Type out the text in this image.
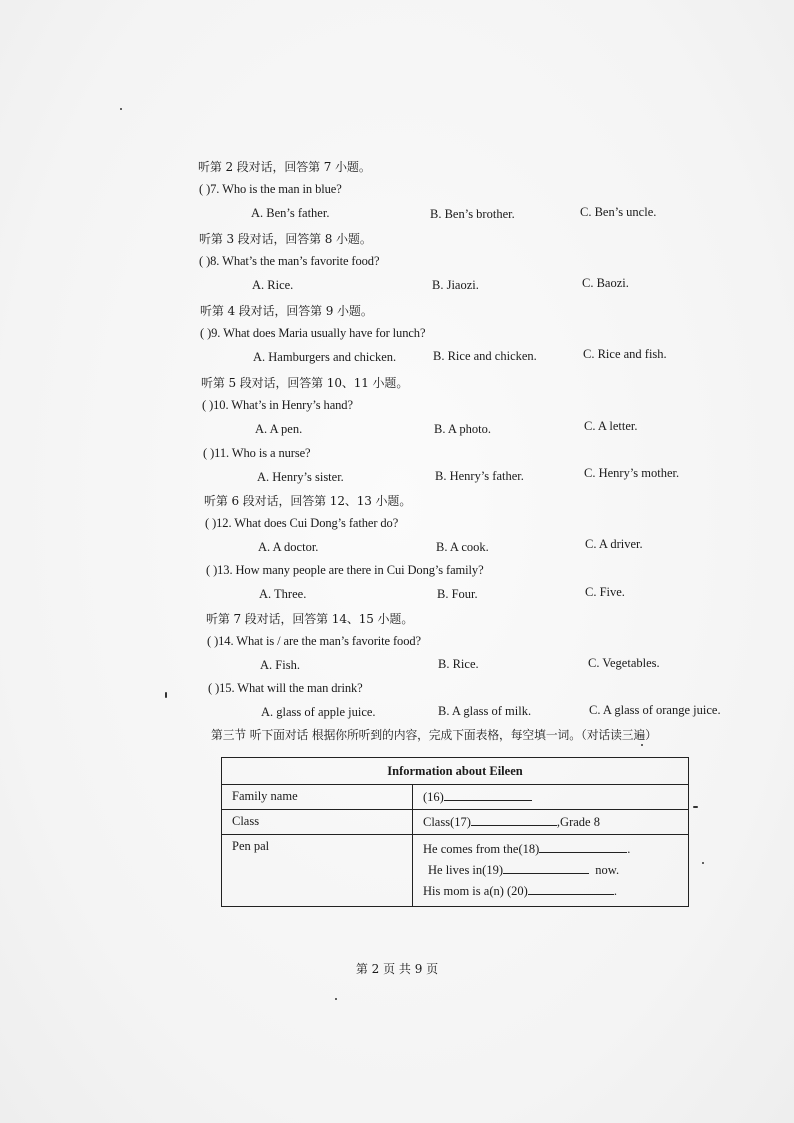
听第 2 段对话，回答第 7 小题。
( )7. Who is the man in blue?
A. Ben’s father.	B. Ben’s brother.	C. Ben’s uncle.
听第 3 段对话，回答第 8 小题。
( )8. What’s the man’s favorite food?
A. Rice.	B. Jiaozi.	C. Baozi.
听第 4 段对话，回答第 9 小题。
( )9. What does Maria usually have for lunch?
A. Hamburgers and chicken.	B. Rice and chicken.	C. Rice and fish.
听第 5 段对话，回答第 10、11 小题。
( )10. What’s in Henry’s hand?
A. A pen.	B. A photo.	C. A letter.
( )11. Who is a nurse?
A. Henry’s sister.	B. Henry’s father.	C. Henry’s mother.
听第 6 段对话，回答第 12、13 小题。
( )12. What does Cui Dong’s father do?
A. A doctor.	B. A cook.	C. A driver.
( )13. How many people are there in Cui Dong’s family?
A. Three.	B. Four.	C. Five.
听第 7 段对话，回答第 14、15 小题。
( )14. What is / are the man’s favorite food?
A. Fish.	B. Rice.	C. Vegetables.
( )15. What will the man drink?
A. glass of apple juice.	B. A glass of milk.	C. A glass of orange juice.
第三节 听下面对话 根据你所听到的内容，完成下面表格，每空填一词。（对话读三遍）
Information about Eileen	
Family name	(16)
Class	Class(17) ,Grade 8
Pen pal	He comes from the(18) .
He lives in(19) now.
His mom is a(n) (20) .
第 2 页 共 9 页
